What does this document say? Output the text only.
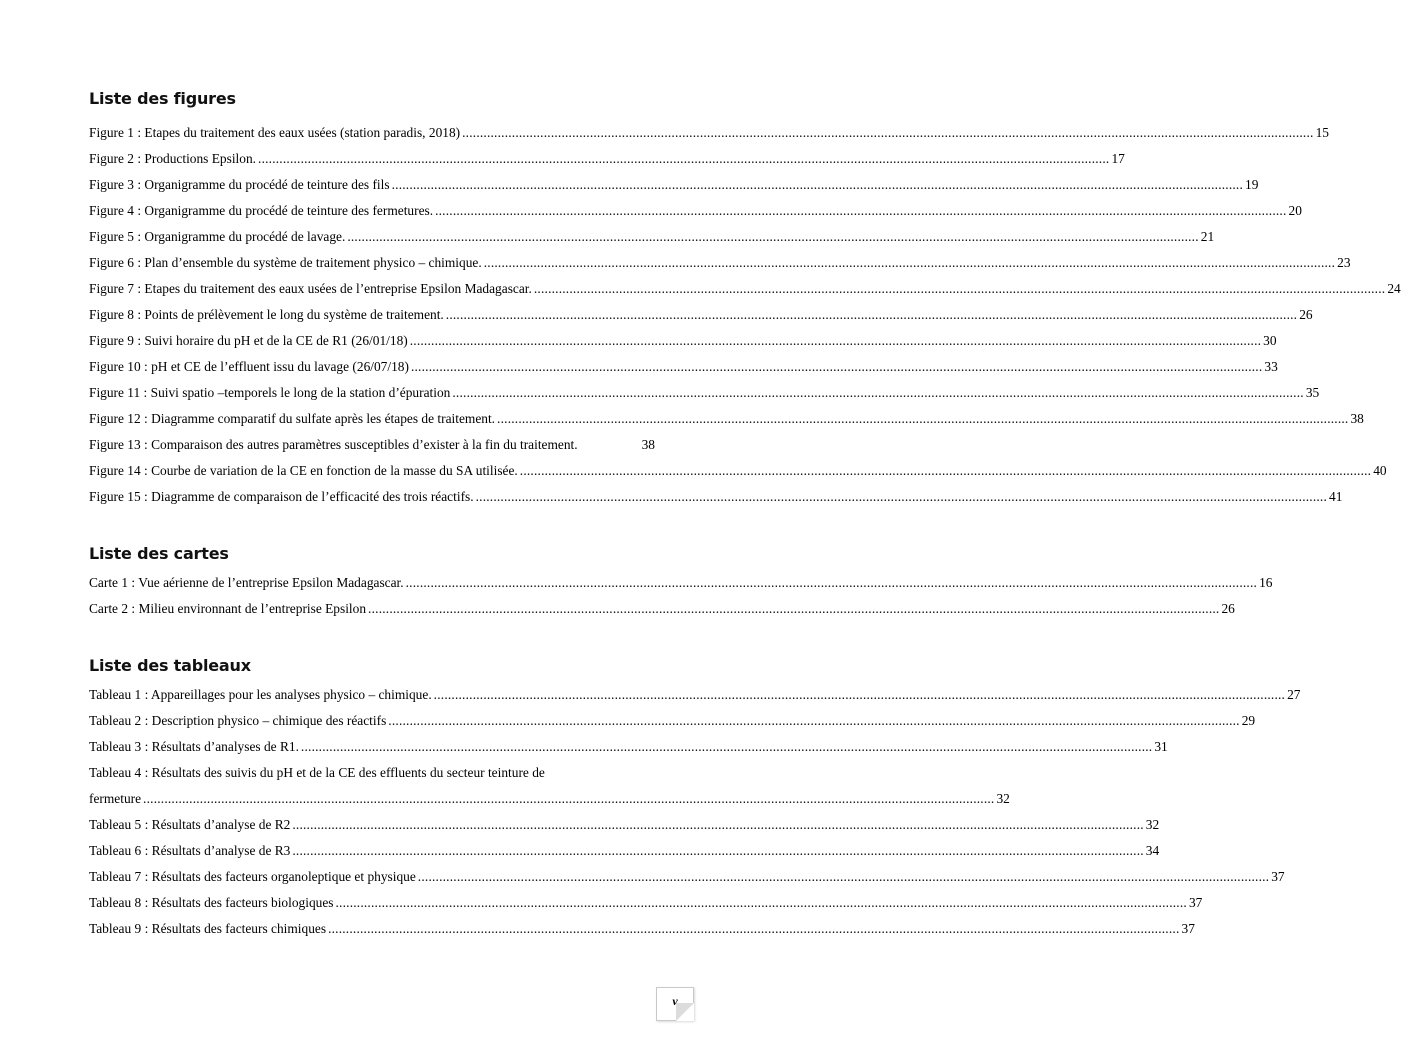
Liste des figures
Figure 1 : Etapes du traitement des eaux usées (station paradis, 2018) .....	15
Figure 2 : Productions Epsilon. .....	17
Figure 3 : Organigramme du procédé de teinture des fils .....	19
Figure 4 : Organigramme du procédé de teinture des fermetures. .....	20
Figure 5 : Organigramme du procédé de lavage. .....	21
Figure 6 : Plan d’ensemble du système de traitement physico – chimique. .....	23
Figure 7 : Etapes du traitement des eaux usées de l’entreprise Epsilon Madagascar. .....	24
Figure 8 : Points de prélèvement le long du système de traitement. .....	26
Figure 9 : Suivi horaire du pH et de la CE de R1 (26/01/18) .....	30
Figure 10 : pH et CE de l’effluent issu du lavage (26/07/18) .....	33
Figure 11 : Suivi spatio –temporels le long de la station d’épuration .....	35
Figure 12 : Diagramme comparatif du sulfate après les étapes de traitement. .....	38
Figure 13 : Comparaison des autres paramètres susceptibles d’exister à la fin du traitement.	38
Figure 14 : Courbe de variation de la CE en fonction de la masse du SA utilisée. .....	40
Figure 15 : Diagramme de comparaison de l’efficacité des trois réactifs. .....	41
Liste des cartes
Carte 1 : Vue aérienne de l’entreprise Epsilon Madagascar. .....	16
Carte 2 : Milieu environnant de l’entreprise Epsilon .....	26
Liste des tableaux
Tableau 1 : Appareillages pour les analyses physico – chimique. .....	27
Tableau 2 : Description physico – chimique des réactifs .....	29
Tableau 3 : Résultats d’analyses de R1. .....	31
Tableau 4 : Résultats des suivis du pH et de la CE des effluents du secteur teinture de
fermeture .....	32
Tableau 5 : Résultats d’analyse de R2 .....	32
Tableau 6 : Résultats d’analyse de R3 .....	34
Tableau 7 : Résultats des facteurs organoleptique et physique .....	37
Tableau 8 : Résultats des facteurs biologiques .....	37
Tableau 9 : Résultats des facteurs chimiques .....	37
v
